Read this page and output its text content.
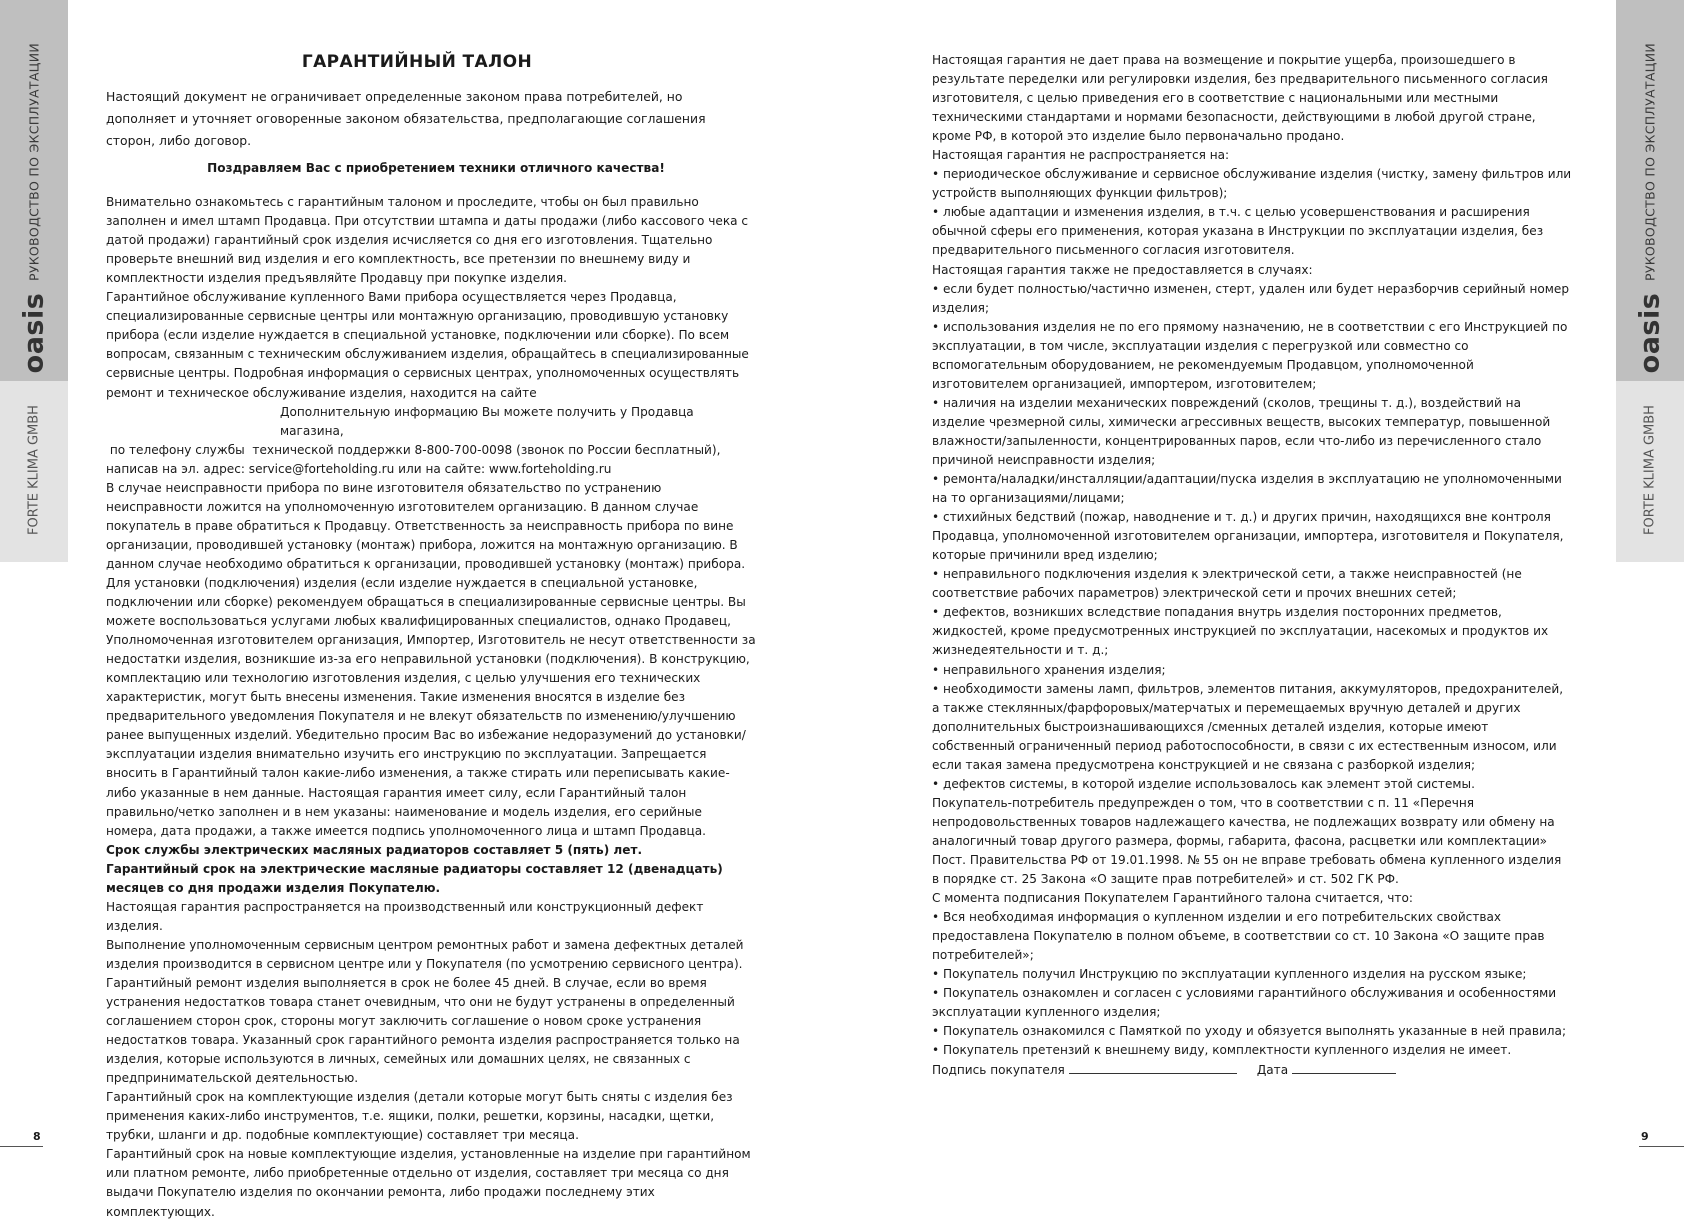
РУКОВОДСТВО ПО ЭКСПЛУАТАЦИИ
oasis
FORTE KLIMA GMBH
РУКОВОДСТВО ПО ЭКСПЛУАТАЦИИ
oasis
FORTE KLIMA GMBH
ГАРАНТИЙНЫЙ ТАЛОН

Настоящий документ не ограничивает определенные законом права потребителей, но дополняет и уточняет оговоренные законом обязательства, предполагающие соглашения сторон, либо договор.

Поздравляем Вас с приобретением техники отличного качества!

Внимательно ознакомьтесь с гарантийным талоном и проследите, чтобы он был правильно заполнен и имел штамп Продавца. При отсутствии штампа и даты продажи (либо кассового чека с датой продажи) гарантийный срок изделия исчисляется со дня его изготовления. Тщательно проверьте внешний вид изделия и его комплектность, все претензии по внешнему виду и комплектности изделия предъявляйте Продавцу при покупке изделия.

Гарантийное обслуживание купленного Вами прибора осуществляется через Продавца, специализированные сервисные центры или монтажную организацию, проводившую установку прибора (если изделие нуждается в специальной установке, подключении или сборке). По всем вопросам, связанным с техническим обслуживанием изделия, обращайтесь в специализированные сервисные центры. Подробная информация о сервисных центрах, уполномоченных осуществлять ремонт и техническое обслуживание изделия, находится на сайте

Дополнительную информацию Вы можете получить у Продавца магазина,

по телефону службы  технической поддержки 8-800-700-0098 (звонок по России бесплатный),

написав на эл. адрес: service@forteholding.ru или на сайте: www.forteholding.ru

В случае неисправности прибора по вине изготовителя обязательство по устранению неисправности ложится на уполномоченную изготовителем организацию. В данном случае покупатель в праве обратиться к Продавцу. Ответственность за неисправность прибора по вине организации, проводившей установку (монтаж) прибора, ложится на монтажную организацию. В данном случае необходимо обратиться к организации, проводившей установку (монтаж) прибора.

Для установки (подключения) изделия (если изделие нуждается в специальной установке, подключении или сборке) рекомендуем обращаться в специализированные сервисные центры. Вы можете воспользоваться услугами любых квалифицированных специалистов, однако Продавец, Уполномоченная изготовителем организация, Импортер, Изготовитель не несут ответственности за недостатки изделия, возникшие из-за его неправильной установки (подключения). В конструкцию, комплектацию или технологию изготовления изделия, с целью улучшения его технических характеристик, могут быть внесены изменения. Такие изменения вносятся в изделие без предварительного уведомления Покупателя и не влекут обязательств по изменению/улучшению ранее выпущенных изделий. Убедительно просим Вас во избежание недоразумений до установки/эксплуатации изделия внимательно изучить его инструкцию по эксплуатации. Запрещается вносить в Гарантийный талон какие-либо изменения, а также стирать или переписывать какие-либо указанные в нем данные. Настоящая гарантия имеет силу, если Гарантийный талон правильно/четко заполнен и в нем указаны: наименование и модель изделия, его серийные номера, дата продажи, а также имеется подпись уполномоченного лица и штамп Продавца.

Срок службы электрических масляных радиаторов составляет 5 (пять) лет.

Гарантийный срок на электрические масляные радиаторы составляет 12 (двенадцать) месяцев со дня продажи изделия Покупателю.

Настоящая гарантия распространяется на производственный или конструкционный дефект изделия.

Выполнение уполномоченным сервисным центром ремонтных работ и замена дефектных деталей изделия производится в сервисном центре или у Покупателя (по усмотрению сервисного центра).

Гарантийный ремонт изделия выполняется в срок не более 45 дней. В случае, если во время устранения недостатков товара станет очевидным, что они не будут устранены в определенный соглашением сторон срок, стороны могут заключить соглашение о новом сроке устранения недостатков товара. Указанный срок гарантийного ремонта изделия распространяется только на изделия, которые используются в личных, семейных или домашних целях, не связанных с предпринимательской деятельностью.

Гарантийный срок на комплектующие изделия (детали которые могут быть сняты с изделия без применения каких-либо инструментов, т.е. ящики, полки, решетки, корзины, насадки, щетки, трубки, шланги и др. подобные комплектующие) составляет три месяца.

Гарантийный срок на новые комплектующие изделия, установленные на изделие при гарантийном или платном ремонте, либо приобретенные отдельно от изделия, составляет три месяца со дня выдачи Покупателю изделия по окончании ремонта, либо продажи последнему этих комплектующих.

Настоящая гарантия не дает права на возмещение и покрытие ущерба, произошедшего в результате переделки или регулировки изделия, без предварительного письменного согласия изготовителя, с целью приведения его в соответствие с национальными или местными техническими стандартами и нормами безопасности, действующими в любой другой стране, кроме РФ, в которой это изделие было первоначально продано.

Настоящая гарантия не распространяется на:

• периодическое обслуживание и сервисное обслуживание изделия (чистку, замену фильтров или устройств выполняющих функции фильтров);

• любые адаптации и изменения изделия, в т.ч. с целью усовершенствования и расширения обычной сферы его применения, которая указана в Инструкции по эксплуатации изделия, без предварительного письменного согласия изготовителя.

Настоящая гарантия также не предоставляется в случаях:

• если будет полностью/частично изменен, стерт, удален или будет неразборчив серийный номер изделия;

• использования изделия не по его прямому назначению, не в соответствии с его Инструкцией по эксплуатации, в том числе, эксплуатации изделия с перегрузкой или совместно со вспомогательным оборудованием, не рекомендуемым Продавцом, уполномоченной изготовителем организацией, импортером, изготовителем;

• наличия на изделии механических повреждений (сколов, трещины т. д.), воздействий на изделие чрезмерной силы, химически агрессивных веществ, высоких температур, повышенной влажности/запыленности, концентрированных паров, если что-либо из перечисленного стало причиной неисправности изделия;

• ремонта/наладки/инсталляции/адаптации/пуска изделия в эксплуатацию не уполномоченными на то организациями/лицами;

• стихийных бедствий (пожар, наводнение и т. д.) и других причин, находящихся вне контроля Продавца, уполномоченной изготовителем организации, импортера, изготовителя и Покупателя, которые причинили вред изделию;

• неправильного подключения изделия к электрической сети, а также неисправностей (не соответствие рабочих параметров) электрической сети и прочих внешних сетей;

• дефектов, возникших вследствие попадания внутрь изделия посторонних предметов, жидкостей, кроме предусмотренных инструкцией по эксплуатации, насекомых и продуктов их жизнедеятельности и т. д.;

• неправильного хранения изделия;

• необходимости замены ламп, фильтров, элементов питания, аккумуляторов, предохранителей, а также стеклянных/фарфоровых/матерчатых и перемещаемых вручную деталей и других дополнительных быстроизнашивающихся /сменных деталей изделия, которые имеют собственный ограниченный период работоспособности, в связи с их естественным износом, или если такая замена предусмотрена конструкцией и не связана с разборкой изделия;

• дефектов системы, в которой изделие использовалось как элемент этой системы.

Покупатель-потребитель предупрежден о том, что в соответствии с п. 11 «Перечня непродовольственных товаров надлежащего качества, не подлежащих возврату или обмену на аналогичный товар другого размера, формы, габарита, фасона, расцветки или комплектации» Пост. Правительства РФ от 19.01.1998. № 55 он не вправе требовать обмена купленного изделия в порядке ст. 25 Закона «О защите прав потребителей» и ст. 502 ГК РФ.

С момента подписания Покупателем Гарантийного талона считается, что:

• Вся необходимая информация о купленном изделии и его потребительских свойствах предоставлена Покупателю в полном объеме, в соответствии со ст. 10 Закона «О защите прав потребителей»;

• Покупатель получил Инструкцию по эксплуатации купленного изделия на русском языке;

• Покупатель ознакомлен и согласен с условиями гарантийного обслуживания и особенностями эксплуатации купленного изделия;

• Покупатель ознакомился с Памяткой по уходу и обязуется выполнять указанные в ней правила;

• Покупатель претензий к внешнему виду, комплектности купленного изделия не имеет.

Подпись покупателя	Дата
8	9
